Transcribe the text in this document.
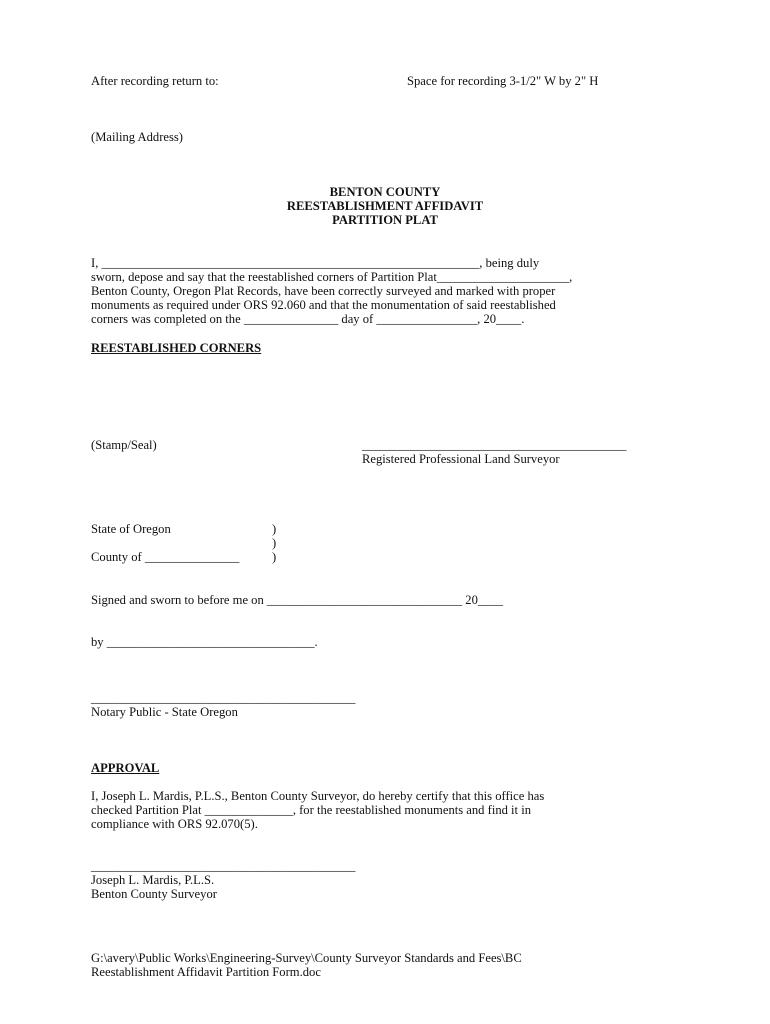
After recording return to:	Space for recording 3-1/2" W by 2" H
(Mailing Address)
BENTON COUNTY
REESTABLISHMENT AFFIDAVIT
PARTITION PLAT
I, ____________________________________________________________, being duly
sworn, depose and say that the reestablished corners of Partition Plat_____________________,
Benton County, Oregon Plat Records, have been correctly surveyed and marked with proper
monuments as required under ORS 92.060 and that the monumentation of said reestablished
corners was completed on the _______________ day of ________________, 20____.
REESTABLISHED CORNERS
(Stamp/Seal)	__________________________________________
Registered Professional Land Surveyor
State of Oregon	)
)
County of _______________	)
Signed and sworn to before me on _______________________________ 20____
by _________________________________.
__________________________________________
Notary Public - State Oregon
APPROVAL
I, Joseph L. Mardis, P.L.S., Benton County Surveyor, do hereby certify that this office has
checked Partition Plat ______________, for the reestablished monuments and find it in
compliance with ORS 92.070(5).
__________________________________________
Joseph L. Mardis, P.L.S.
Benton County Surveyor
G:\avery\Public Works\Engineering-Survey\County Surveyor Standards and Fees\BC
Reestablishment Affidavit Partition Form.doc
